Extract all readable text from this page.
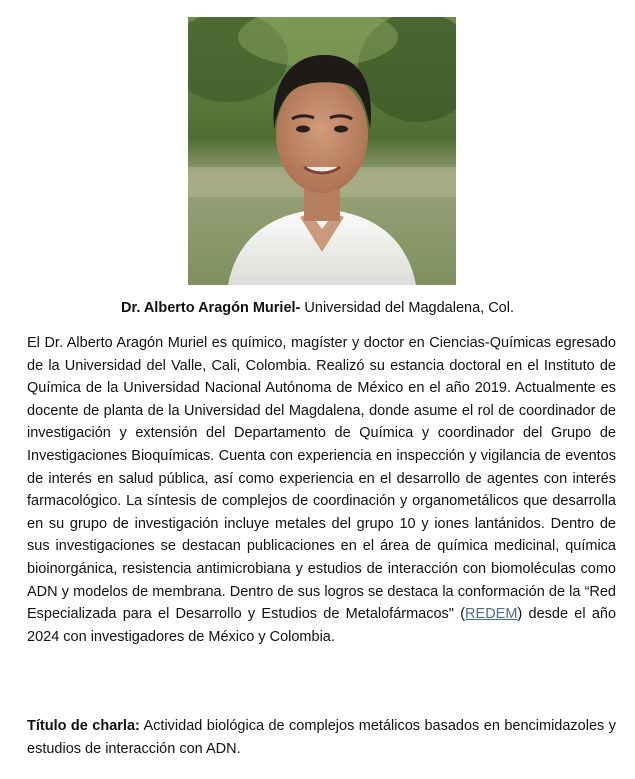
Dr. Alberto Aragón Muriel- Universidad del Magdalena, Col.

El Dr. Alberto Aragón Muriel es químico, magíster y doctor en Ciencias-Químicas egresado de la Universidad del Valle, Cali, Colombia. Realizó su estancia doctoral en el Instituto de Química de la Universidad Nacional Autónoma de México en el año 2019. Actualmente es docente de planta de la Universidad del Magdalena, donde asume el rol de coordinador de investigación y extensión del Departamento de Química y coordinador del Grupo de Investigaciones Bioquímicas. Cuenta con experiencia en inspección y vigilancia de eventos de interés en salud pública, así como experiencia en el desarrollo de agentes con interés farmacológico. La síntesis de complejos de coordinación y organometálicos que desarrolla en su grupo de investigación incluye metales del grupo 10 y iones lantánidos. Dentro de sus investigaciones se destacan publicaciones en el área de química medicinal, química bioinorgánica, resistencia antimicrobiana y estudios de interacción con biomoléculas como ADN y modelos de membrana. Dentro de sus logros se destaca la conformación de la “Red Especializada para el Desarrollo y Estudios de Metalofármacos" (REDEM) desde el año 2024 con investigadores de México y Colombia.

Título de charla: Actividad biológica de complejos metálicos basados en bencimidazoles y estudios de interacción con ADN.
